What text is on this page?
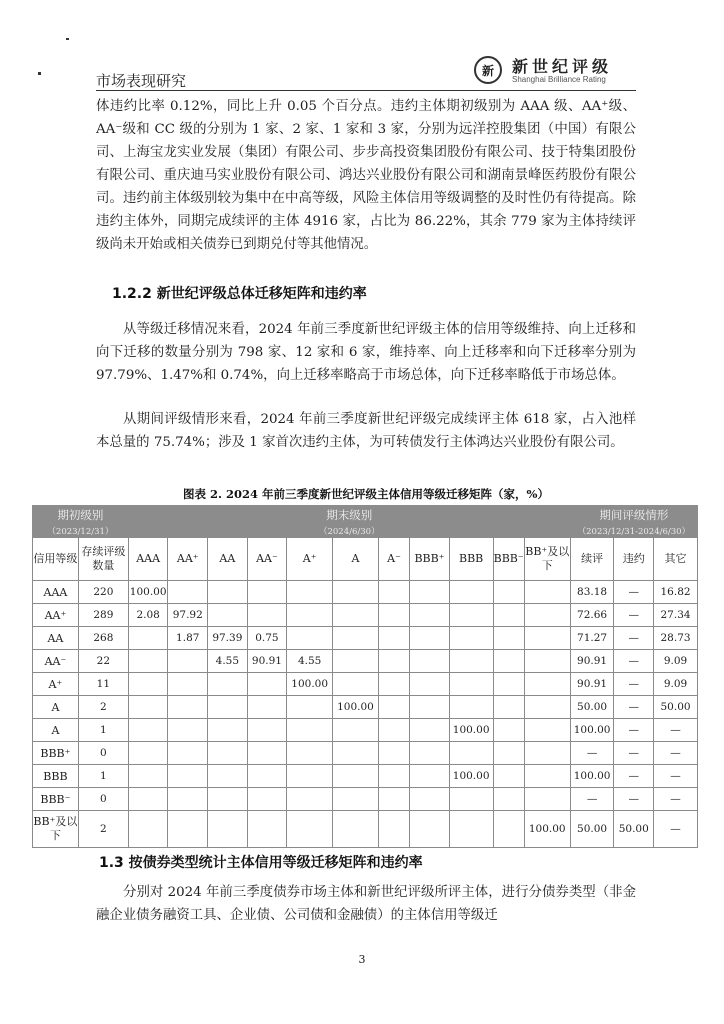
市场表现研究
新	新世纪评级
Shanghai Brilliance Rating
体违约比率 0.12%，同比上升 0.05 个百分点。违约主体期初级别为 AAA 级、AA⁺级、AA⁻级和 CC 级的分别为 1 家、2 家、1 家和 3 家，分别为远洋控股集团（中国）有限公司、上海宝龙实业发展（集团）有限公司、步步高投资集团股份有限公司、技于特集团股份有限公司、重庆迪马实业股份有限公司、鸿达兴业股份有限公司和湖南景峰医药股份有限公司。违约前主体级别较为集中在中高等级，风险主体信用等级调整的及时性仍有待提高。除违约主体外，同期完成续评的主体 4916 家，占比为 86.22%，其余 779 家为主体持续评级尚未开始或相关债券已到期兑付等其他情况。
1.2.2 新世纪评级总体迁移矩阵和违约率
从等级迁移情况来看，2024 年前三季度新世纪评级主体的信用等级维持、向上迁移和向下迁移的数量分别为 798 家、12 家和 6 家，维持率、向上迁移率和向下迁移率分别为 97.79%、1.47%和 0.74%，向上迁移率略高于市场总体，向下迁移率略低于市场总体。
从期间评级情形来看，2024 年前三季度新世纪评级完成续评主体 618 家，占入池样本总量的 75.74%；涉及 1 家首次违约主体，为可转债发行主体鸿达兴业股份有限公司。
图表 2. 2024 年前三季度新世纪评级主体信用等级迁移矩阵（家，%）
期初级别		期末级别											期间评级情形		
（2023/12/31）		（2024/6/30）											（2023/12/31-2024/6/30）		
信用等级	存续评级数量	AAA	AA⁺	AA	AA⁻	A⁺	A	A⁻	BBB⁺	BBB	BBB⁻	BB⁺及以下	续评	违约	其它
AAA	220	100.00											83.18	—	16.82
AA⁺	289	2.08	97.92										72.66	—	27.34
AA	268		1.87	97.39	0.75								71.27	—	28.73
AA⁻	22			4.55	90.91	4.55							90.91	—	9.09
A⁺	11					100.00							90.91	—	9.09
A	2						100.00						50.00	—	50.00
A	1									100.00			100.00	—	—
BBB⁺	0												—	—	—
BBB	1									100.00			100.00	—	—
BBB⁻	0												—	—	—
BB⁺及以下	2											100.00	50.00	50.00	—
1.3 按债券类型统计主体信用等级迁移矩阵和违约率
分别对 2024 年前三季度债券市场主体和新世纪评级所评主体，进行分债券类型（非金融企业债务融资工具、企业债、公司债和金融债）的主体信用等级迁
3
